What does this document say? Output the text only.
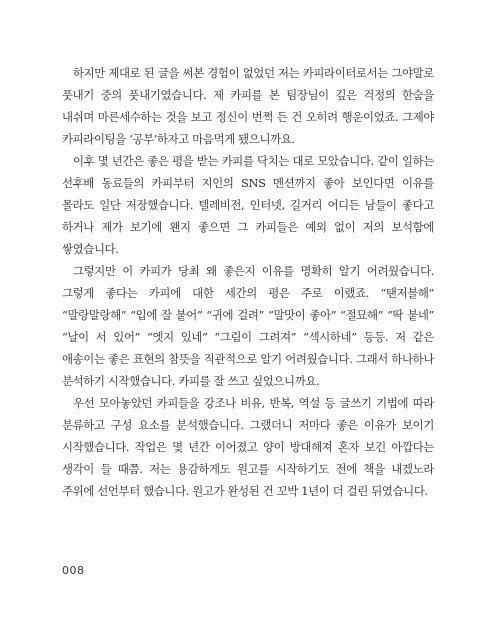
하지만 제대로 된 글을 써본 경험이 없었던 저는 카피라이터로서는 그야말로 풋내기 중의 풋내기였습니다. 제 카피를 본 팀장님이 깊은 걱정의 한숨을 내쉬며 마른세수하는 것을 보고 정신이 번쩍 든 건 오히려 행운이었죠. 그제야 카피라이팅을 ‘공부’하자고 마음먹게 됐으니까요.

이후 몇 년간은 좋은 평을 받는 카피를 닥치는 대로 모았습니다. 같이 일하는 선후배 동료들의 카피부터 지인의 SNS 멘션까지 좋아 보인다면 이유를 몰라도 일단 저장했습니다. 텔레비전, 인터넷, 길거리 어디든 남들이 좋다고 하거나 제가 보기에 왠지 좋으면 그 카피들은 예외 없이 저의 보석함에 쌓였습니다.

그렇지만 이 카피가 당최 왜 좋은지 이유를 명확히 알기 어려웠습니다. 그렇게 좋다는 카피에 대한 세간의 평은 주로 이랬죠. “탠저블해” “말랑말랑해” “입에 잘 붙어” “귀에 걸려” “말맛이 좋아” “절묘해” “딱 붙네” “날이 서 있어” “엣지 있네” “그림이 그려져” “섹시하네” 등등. 저 같은 애송이는 좋은 표현의 참뜻을 직관적으로 알기 어려웠습니다. 그래서 하나하나 분석하기 시작했습니다. 카피를 잘 쓰고 싶었으니까요.

우선 모아놓았던 카피들을 강조나 비유, 반복, 역설 등 글쓰기 기법에 따라 분류하고 구성 요소를 분석했습니다. 그랬더니 저마다 좋은 이유가 보이기 시작했습니다. 작업은 몇 년간 이어졌고 양이 방대해져 혼자 보긴 아깝다는 생각이 들 때쯤. 저는 용감하게도 원고를 시작하기도 전에 책을 내겠노라 주위에 선언부터 했습니다. 원고가 완성된 건 꼬박 1년이 더 걸린 뒤였습니다.

008
